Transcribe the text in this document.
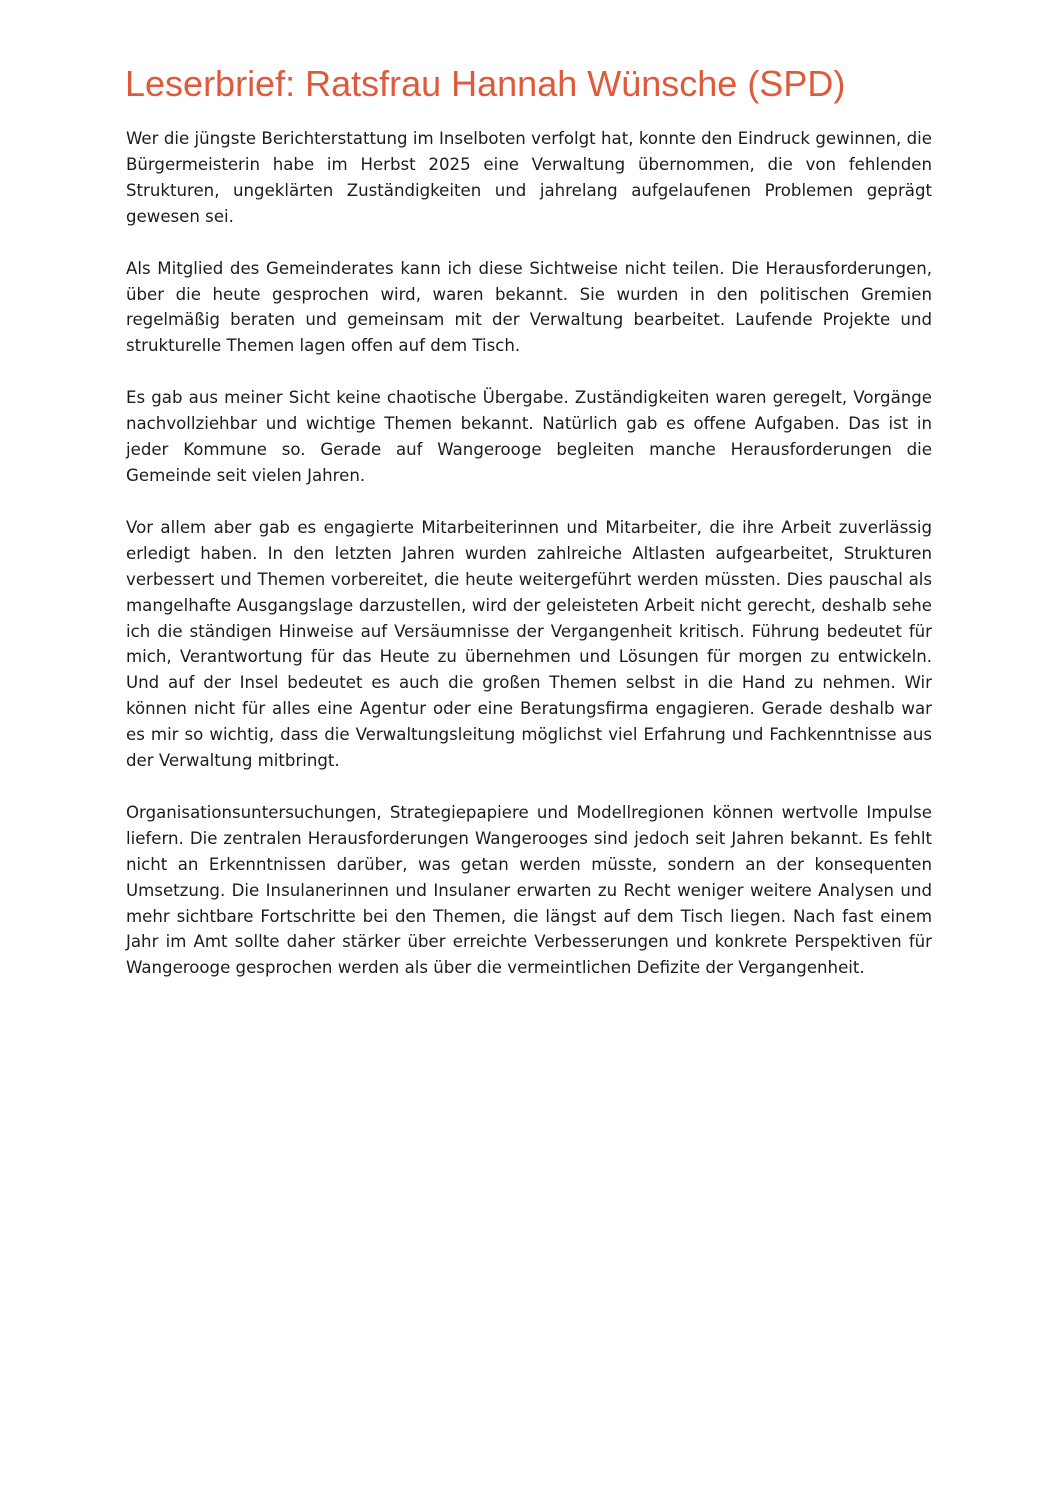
Leserbrief: Ratsfrau Hannah Wünsche (SPD)

Wer die jüngste Berichterstattung im Inselboten verfolgt hat, konnte den Eindruck gewinnen, die Bürgermeisterin habe im Herbst 2025 eine Verwaltung übernommen, die von fehlenden Strukturen, ungeklärten Zuständigkeiten und jahrelang aufgelaufenen Problemen geprägt gewesen sei.

Als Mitglied des Gemeinderates kann ich diese Sichtweise nicht teilen. Die Herausforderungen, über die heute gesprochen wird, waren bekannt. Sie wurden in den politischen Gremien regelmäßig beraten und gemeinsam mit der Verwaltung bearbeitet. Laufende Projekte und strukturelle Themen lagen offen auf dem Tisch.

Es gab aus meiner Sicht keine chaotische Übergabe. Zuständigkeiten waren geregelt, Vorgänge nachvollziehbar und wichtige Themen bekannt. Natürlich gab es offene Aufgaben. Das ist in jeder Kommune so. Gerade auf Wangerooge begleiten manche Herausforderungen die Gemeinde seit vielen Jahren.

Vor allem aber gab es engagierte Mitarbeiterinnen und Mitarbeiter, die ihre Arbeit zuverlässig erledigt haben. In den letzten Jahren wurden zahlreiche Altlasten aufgearbeitet, Strukturen verbessert und Themen vorbereitet, die heute weitergeführt werden müssten. Dies pauschal als mangelhafte Ausgangslage darzustellen, wird der geleisteten Arbeit nicht gerecht, deshalb sehe ich die ständigen Hinweise auf Versäumnisse der Vergangenheit kritisch. Führung bedeutet für mich, Verantwortung für das Heute zu übernehmen und Lösungen für morgen zu entwickeln. Und auf der Insel bedeutet es auch die großen Themen selbst in die Hand zu nehmen. Wir können nicht für alles eine Agentur oder eine Beratungsfirma engagieren. Gerade deshalb war es mir so wichtig, dass die Verwaltungsleitung möglichst viel Erfahrung und Fachkenntnisse aus der Verwaltung mitbringt.

Organisationsuntersuchungen, Strategiepapiere und Modellregionen können wertvolle Impulse liefern. Die zentralen Herausforderungen Wangerooges sind jedoch seit Jahren bekannt. Es fehlt nicht an Erkenntnissen darüber, was getan werden müsste, sondern an der konsequenten Umsetzung. Die Insulanerinnen und Insulaner erwarten zu Recht weniger weitere Analysen und mehr sichtbare Fortschritte bei den Themen, die längst auf dem Tisch liegen. Nach fast einem Jahr im Amt sollte daher stärker über erreichte Verbesserungen und konkrete Perspektiven für Wangerooge gesprochen werden als über die vermeintlichen Defizite der Vergangenheit.
